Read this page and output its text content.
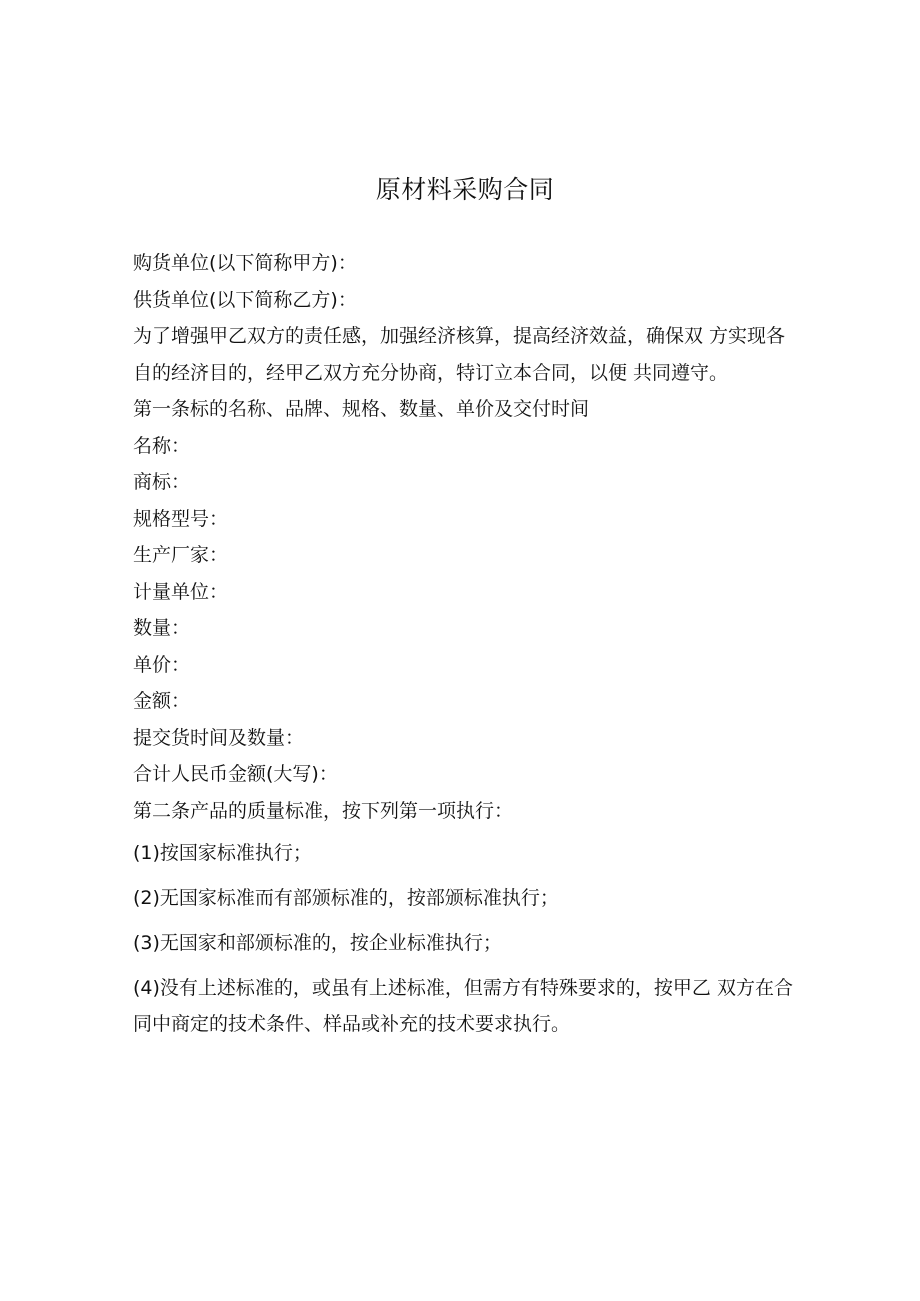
原材料采购合同
购货单位(以下简称甲方)：
供货单位(以下简称乙方)：
为了增强甲乙双方的责任感，加强经济核算，提高经济效益，确保双 方实现各自的经济目的，经甲乙双方充分协商，特订立本合同，以便 共同遵守。
第一条标的名称、品牌、规格、数量、单价及交付时间
名称：
商标：
规格型号：
生产厂家：
计量单位：
数量：
单价：
金额：
提交货时间及数量：
合计人民币金额(大写)：
第二条产品的质量标准，按下列第一项执行：
(1)按国家标准执行；
(2)无国家标准而有部颁标准的，按部颁标准执行；
(3)无国家和部颁标准的，按企业标准执行；
(4)没有上述标准的，或虽有上述标准，但需方有特殊要求的，按甲乙 双方在合同中商定的技术条件、样品或补充的技术要求执行。
